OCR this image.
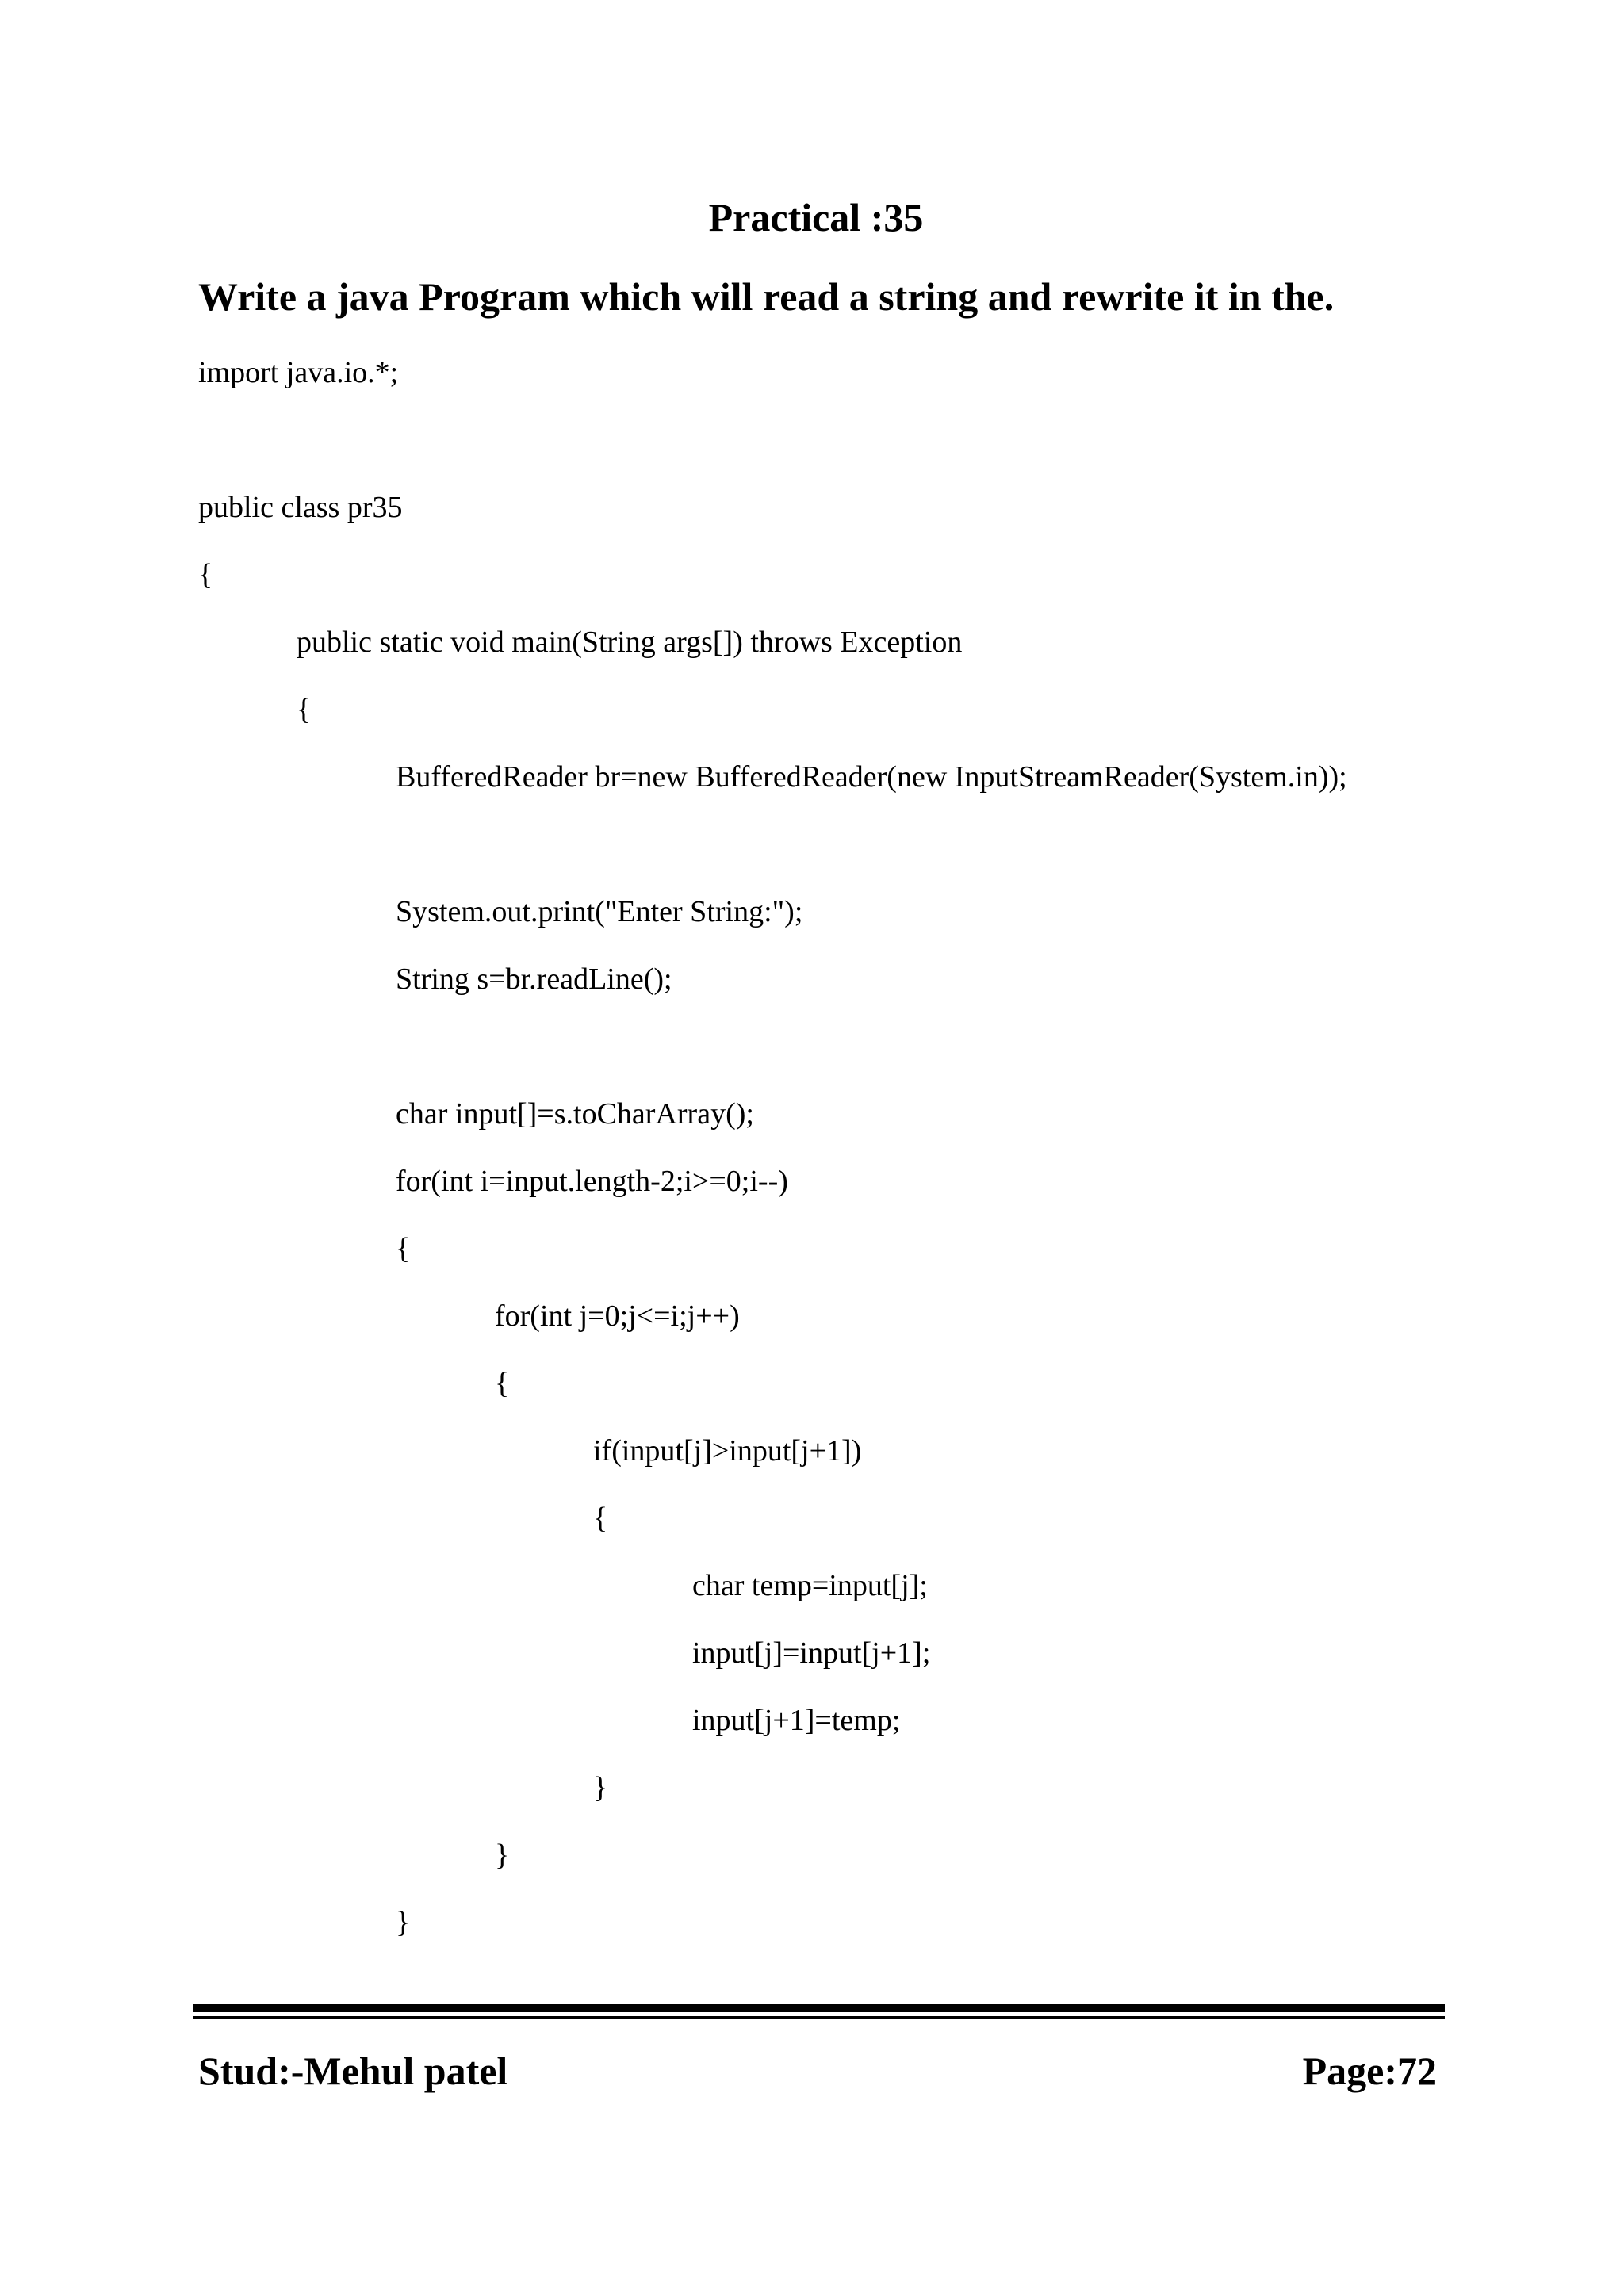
Practical :35
Write a java Program which will read a string and rewrite it in the.
import java.io.*;
public class pr35
{
public static void main(String args[]) throws Exception
{
BufferedReader br=new BufferedReader(new InputStreamReader(System.in));
System.out.print("Enter String:");
String s=br.readLine();
char input[]=s.toCharArray();
for(int i=input.length-2;i>=0;i--)
{
for(int j=0;j<=i;j++)
{
if(input[j]>input[j+1])
{
char temp=input[j];
input[j]=input[j+1];
input[j+1]=temp;
}
}
}
Stud:-Mehul patel	Page:72
